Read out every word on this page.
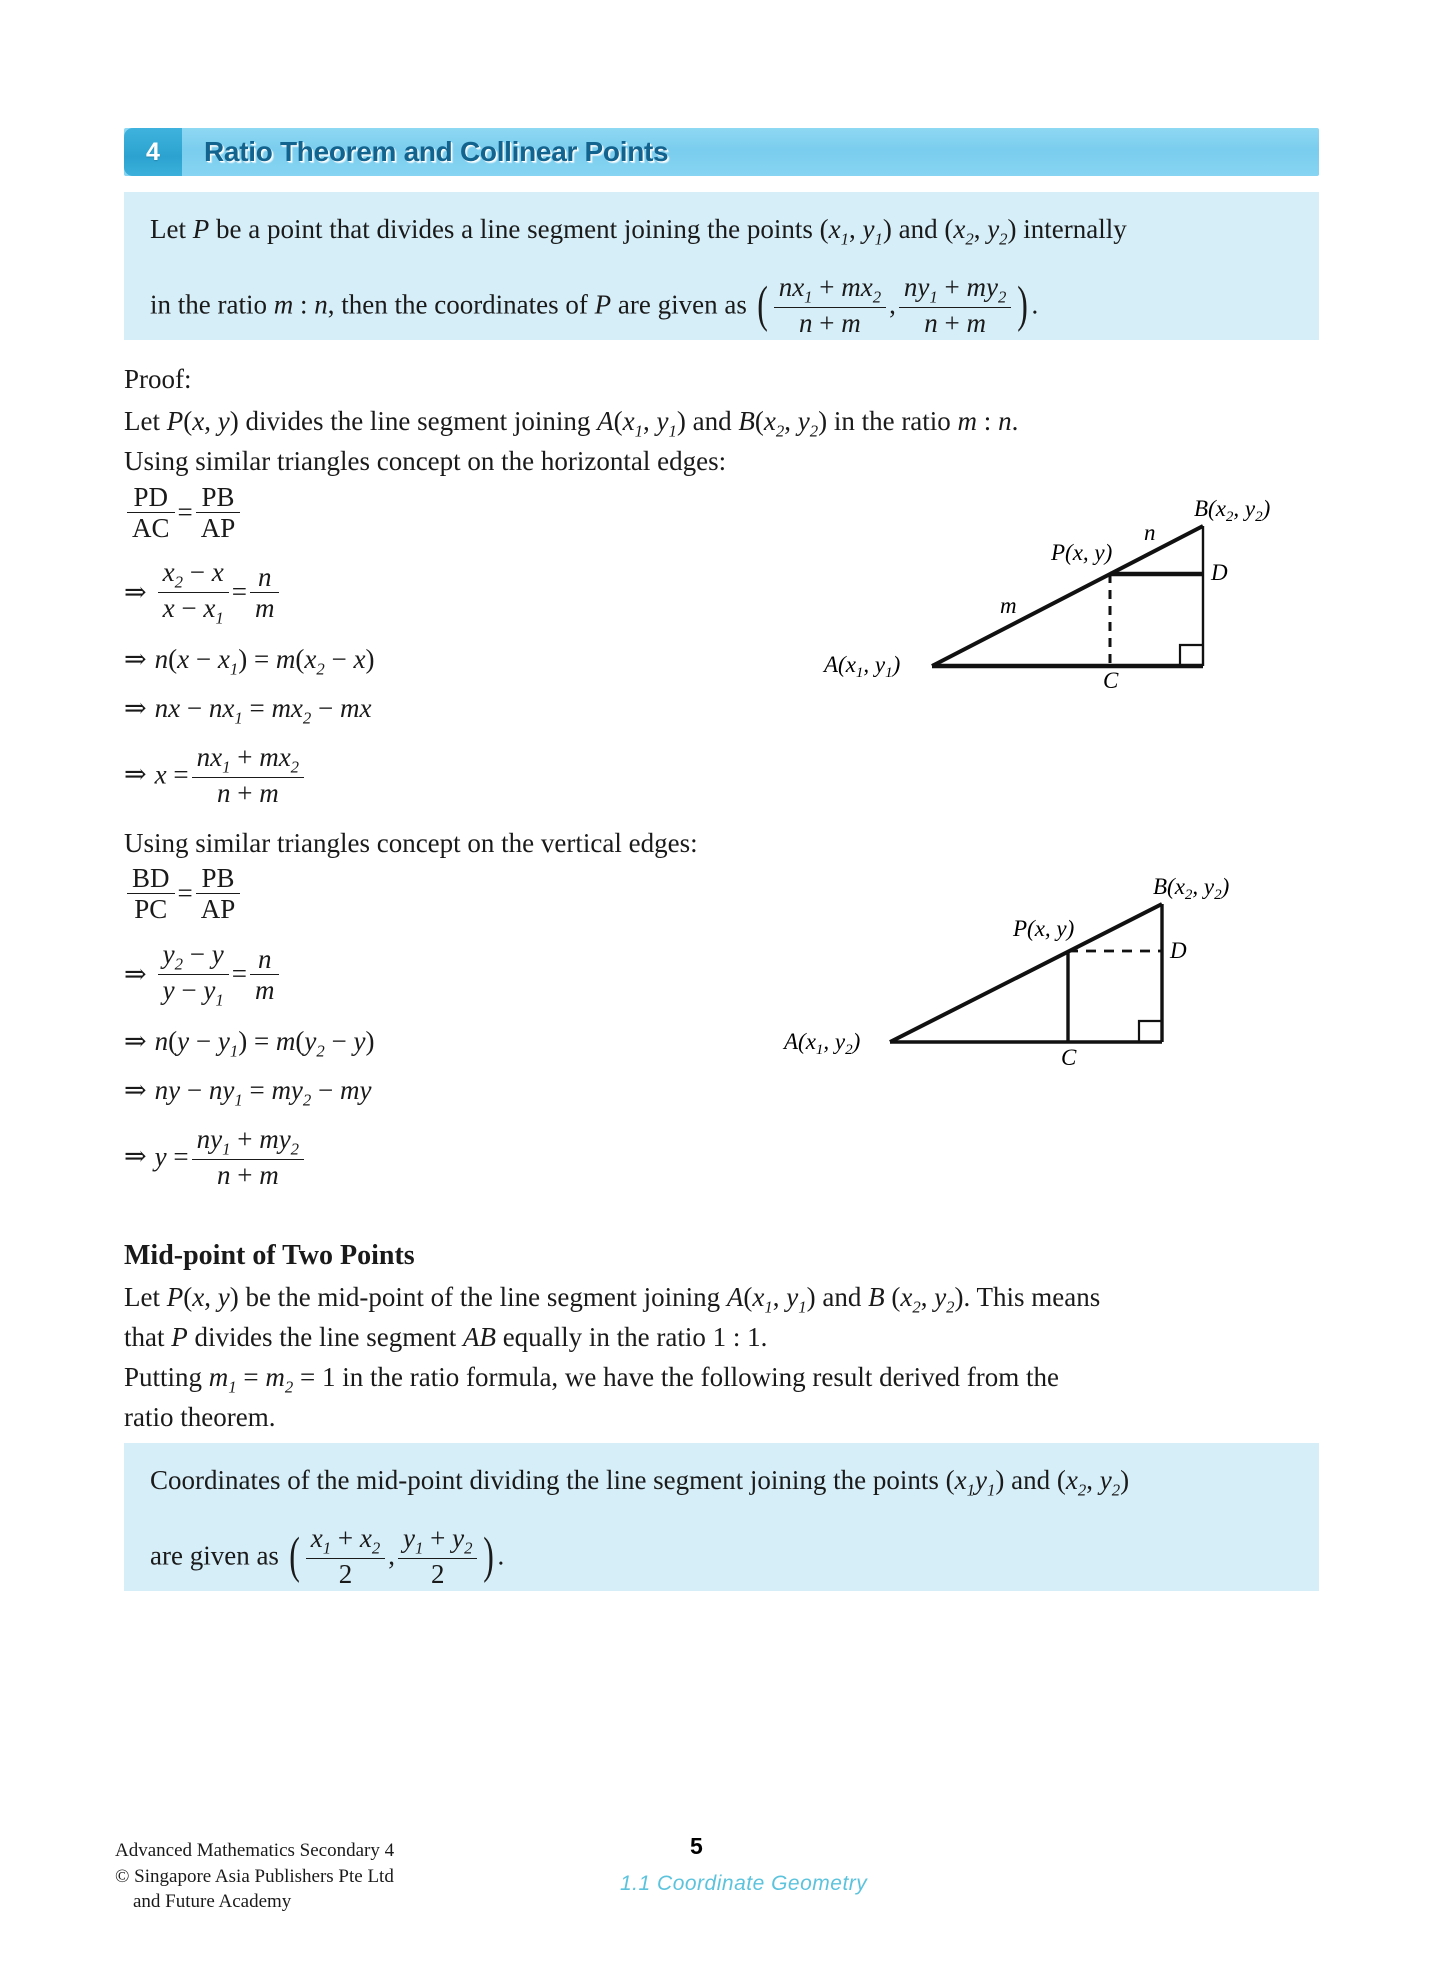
4	Ratio Theorem and Collinear Points
Let P be a point that divides a line segment joining the points ($x_1$, $y_1$) and ($x_2$, $y_2$) internally
in the ratio m : n, then the coordinates of P are given as ( $\frac{nx_1 + mx_2}{n + m}$ , $\frac{ny_1 + my_2}{n + m}$ ) .
Proof:
Let P(x, y) divides the line segment joining $A(x_1$, $y_1$) and $B(x_2$, $y_2$) in the ratio m : n.
Using similar triangles concept on the horizontal edges:
$\frac{PD}{AC} = \frac{PB}{AP}$
⇒ $\frac{x_2 - x}{x - x_1} = \frac{n}{m}$
⇒ $n(x - x_1) = m(x_2 - x)$
⇒ nx − $nx_1 = mx_2$ − mx
⇒ $x = \frac{nx_1 + mx_2}{n + m}$
$A(x_1$, $y_1$)
$B(x_2$, $y_2$)
P(x, y)
C
D
m
n
Using similar triangles concept on the vertical edges:
$\frac{BD}{PC} = \frac{PB}{AP}$
⇒ $\frac{y_2 - y}{y - y_1} = \frac{n}{m}$
⇒ $n(y - y_1) = m(y_2 - y)$
⇒ ny − $ny_1 = my_2$ − my
⇒ $y = \frac{ny_1 + my_2}{n + m}$
$A(x_1$, $y_2$)
$B(x_2$, $y_2$)
P(x, y)
C
D
Mid-point of Two Points
Let P(x, y) be the mid-point of the line segment joining $A(x_1$, $y_1$) and B ($x_2$, $y_2$). This means
that P divides the line segment AB equally in the ratio 1 : 1.
Putting $m_1 = m_2 = 1$ in the ratio formula, we have the following result derived from the
ratio theorem.
Coordinates of the mid-point dividing the line segment joining the points $(x_1y_1)$ and ($x_2$, $y_2$)
are given as ( $\frac{x_1 + x_2}{2}$ , $\frac{y_1 + y_2}{2}$ ) .
Advanced Mathematics Secondary 4
© Singapore Asia Publishers Pte Ltd
and Future Academy
5
1.1 Coordinate Geometry
